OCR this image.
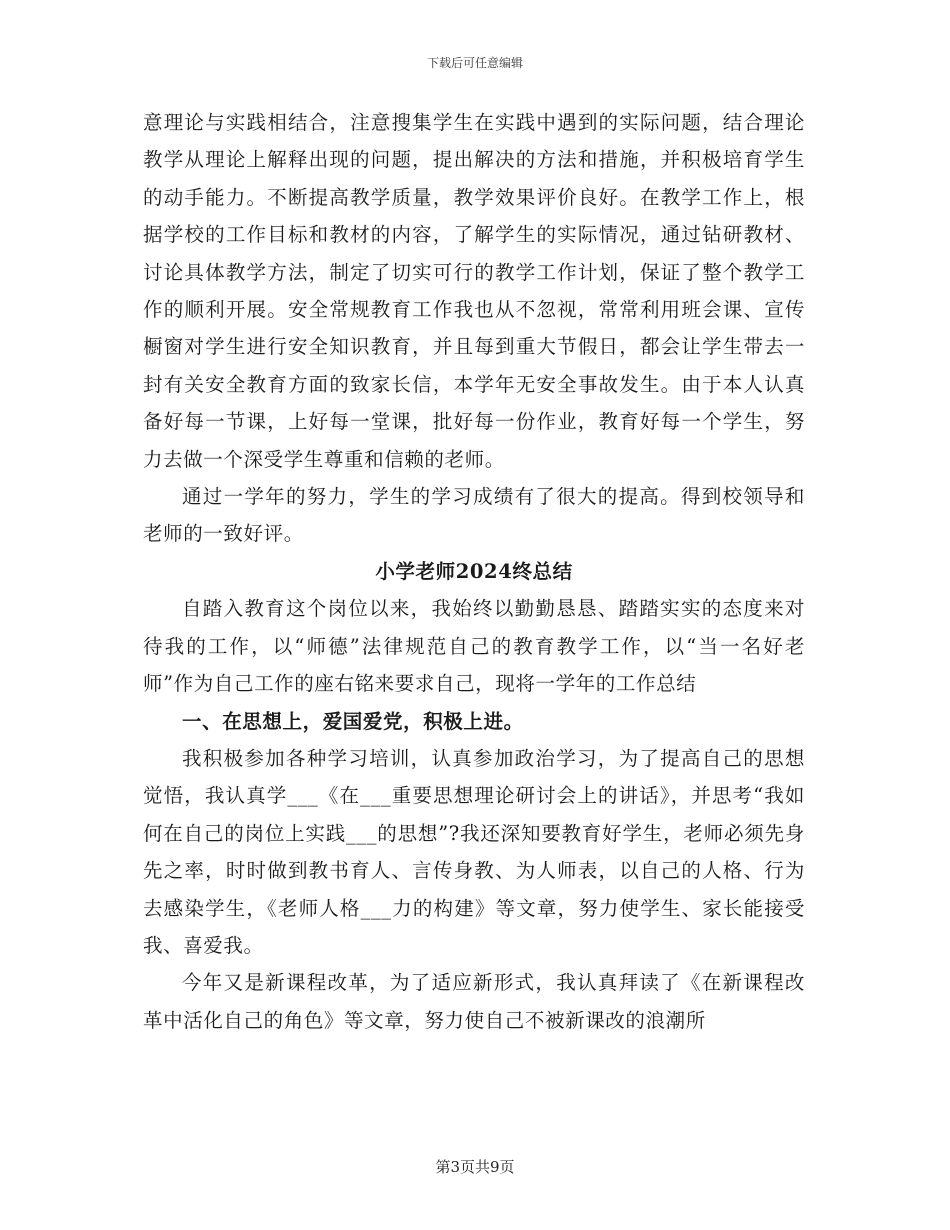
下载后可任意编辑

意理论与实践相结合，注意搜集学生在实践中遇到的实际问题，结合理论教学从理论上解释出现的问题，提出解决的方法和措施，并积极培育学生的动手能力。不断提高教学质量，教学效果评价良好。在教学工作上，根据学校的工作目标和教材的内容，了解学生的实际情况，通过钻研教材、讨论具体教学方法，制定了切实可行的教学工作计划，保证了整个教学工作的顺利开展。安全常规教育工作我也从不忽视，常常利用班会课、宣传橱窗对学生进行安全知识教育，并且每到重大节假日，都会让学生带去一封有关安全教育方面的致家长信，本学年无安全事故发生。由于本人认真备好每一节课，上好每一堂课，批好每一份作业，教育好每一个学生，努力去做一个深受学生尊重和信赖的老师。

通过一学年的努力，学生的学习成绩有了很大的提高。得到校领导和老师的一致好评。

小学老师2024终总结

自踏入教育这个岗位以来，我始终以勤勤恳恳、踏踏实实的态度来对待我的工作，以“师德”法律规范自己的教育教学工作，以“当一名好老师”作为自己工作的座右铭来要求自己，现将一学年的工作总结

一、在思想上，爱国爱党，积极上进。

我积极参加各种学习培训，认真参加政治学习，为了提高自己的思想觉悟，我认真学___《在___重要思想理论研讨会上的讲话》，并思考“我如何在自己的岗位上实践___的思想”?我还深知要教育好学生，老师必须先身先之率，时时做到教书育人、言传身教、为人师表，以自己的人格、行为去感染学生，《老师人格___力的构建》等文章，努力使学生、家长能接受我、喜爱我。

今年又是新课程改革，为了适应新形式，我认真拜读了《在新课程改革中活化自己的角色》等文章，努力使自己不被新课改的浪潮所

第3页共9页
